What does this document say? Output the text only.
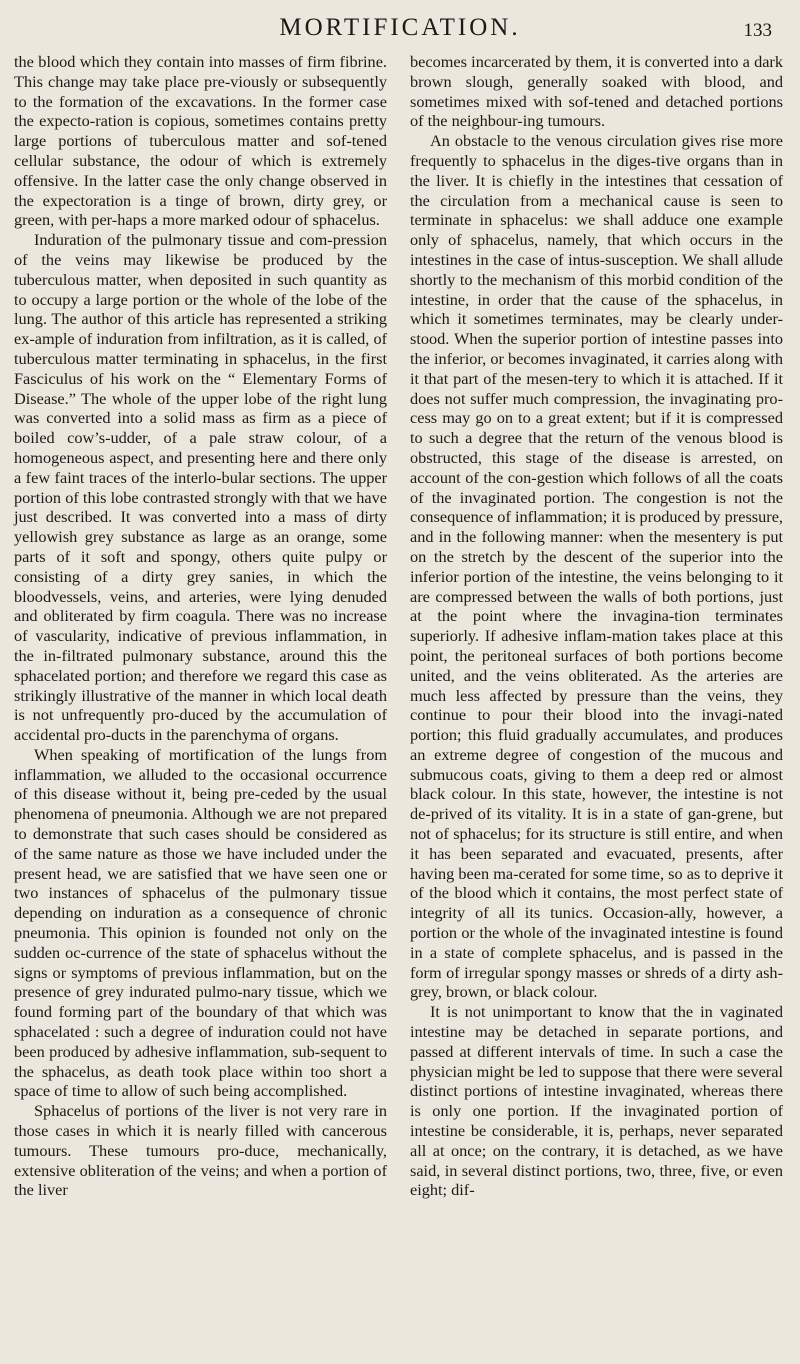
MORTIFICATION.	133

the blood which they contain into masses of firm fibrine. This change may take place pre-viously or subsequently to the formation of the excavations. In the former case the expecto-ration is copious, sometimes contains pretty large portions of tuberculous matter and sof-tened cellular substance, the odour of which is extremely offensive. In the latter case the only change observed in the expectoration is a tinge of brown, dirty grey, or green, with per-haps a more marked odour of sphacelus.

Induration of the pulmonary tissue and com-pression of the veins may likewise be produced by the tuberculous matter, when deposited in such quantity as to occupy a large portion or the whole of the lobe of the lung. The author of this article has represented a striking ex-ample of induration from infiltration, as it is called, of tuberculous matter terminating in sphacelus, in the first Fasciculus of his work on the “ Elementary Forms of Disease.” The whole of the upper lobe of the right lung was converted into a solid mass as firm as a piece of boiled cow’s-udder, of a pale straw colour, of a homogeneous aspect, and presenting here and there only a few faint traces of the interlo-bular sections. The upper portion of this lobe contrasted strongly with that we have just described. It was converted into a mass of dirty yellowish grey substance as large as an orange, some parts of it soft and spongy, others quite pulpy or consisting of a dirty grey sanies, in which the bloodvessels, veins, and arteries, were lying denuded and obliterated by firm coagula. There was no increase of vascularity, indicative of previous inflammation, in the in-filtrated pulmonary substance, around this the sphacelated portion; and therefore we regard this case as strikingly illustrative of the manner in which local death is not unfrequently pro-duced by the accumulation of accidental pro-ducts in the parenchyma of organs.

When speaking of mortification of the lungs from inflammation, we alluded to the occasional occurrence of this disease without it, being pre-ceded by the usual phenomena of pneumonia. Although we are not prepared to demonstrate that such cases should be considered as of the same nature as those we have included under the present head, we are satisfied that we have seen one or two instances of sphacelus of the pulmonary tissue depending on induration as a consequence of chronic pneumonia. This opinion is founded not only on the sudden oc-currence of the state of sphacelus without the signs or symptoms of previous inflammation, but on the presence of grey indurated pulmo-nary tissue, which we found forming part of the boundary of that which was sphacelated : such a degree of induration could not have been produced by adhesive inflammation, sub-sequent to the sphacelus, as death took place within too short a space of time to allow of such being accomplished.

Sphacelus of portions of the liver is not very rare in those cases in which it is nearly filled with cancerous tumours. These tumours pro-duce, mechanically, extensive obliteration of the veins; and when a portion of the liver

becomes incarcerated by them, it is converted into a dark brown slough, generally soaked with blood, and sometimes mixed with sof-tened and detached portions of the neighbour-ing tumours.

An obstacle to the venous circulation gives rise more frequently to sphacelus in the diges-tive organs than in the liver. It is chiefly in the intestines that cessation of the circulation from a mechanical cause is seen to terminate in sphacelus: we shall adduce one example only of sphacelus, namely, that which occurs in the intestines in the case of intus-susception. We shall allude shortly to the mechanism of this morbid condition of the intestine, in order that the cause of the sphacelus, in which it sometimes terminates, may be clearly under-stood. When the superior portion of intestine passes into the inferior, or becomes invaginated, it carries along with it that part of the mesen-tery to which it is attached. If it does not suffer much compression, the invaginating pro-cess may go on to a great extent; but if it is compressed to such a degree that the return of the venous blood is obstructed, this stage of the disease is arrested, on account of the con-gestion which follows of all the coats of the invaginated portion. The congestion is not the consequence of inflammation; it is produced by pressure, and in the following manner: when the mesentery is put on the stretch by the descent of the superior into the inferior portion of the intestine, the veins belonging to it are compressed between the walls of both portions, just at the point where the invagina-tion terminates superiorly. If adhesive inflam-mation takes place at this point, the peritoneal surfaces of both portions become united, and the veins obliterated. As the arteries are much less affected by pressure than the veins, they continue to pour their blood into the invagi-nated portion; this fluid gradually accumulates, and produces an extreme degree of congestion of the mucous and submucous coats, giving to them a deep red or almost black colour. In this state, however, the intestine is not de-prived of its vitality. It is in a state of gan-grene, but not of sphacelus; for its structure is still entire, and when it has been separated and evacuated, presents, after having been ma-cerated for some time, so as to deprive it of the blood which it contains, the most perfect state of integrity of all its tunics. Occasion-ally, however, a portion or the whole of the invaginated intestine is found in a state of complete sphacelus, and is passed in the form of irregular spongy masses or shreds of a dirty ash-grey, brown, or black colour.

It is not unimportant to know that the in vaginated intestine may be detached in separate portions, and passed at different intervals of time. In such a case the physician might be led to suppose that there were several distinct portions of intestine invaginated, whereas there is only one portion. If the invaginated portion of intestine be considerable, it is, perhaps, never separated all at once; on the contrary, it is detached, as we have said, in several distinct portions, two, three, five, or even eight; dif-
